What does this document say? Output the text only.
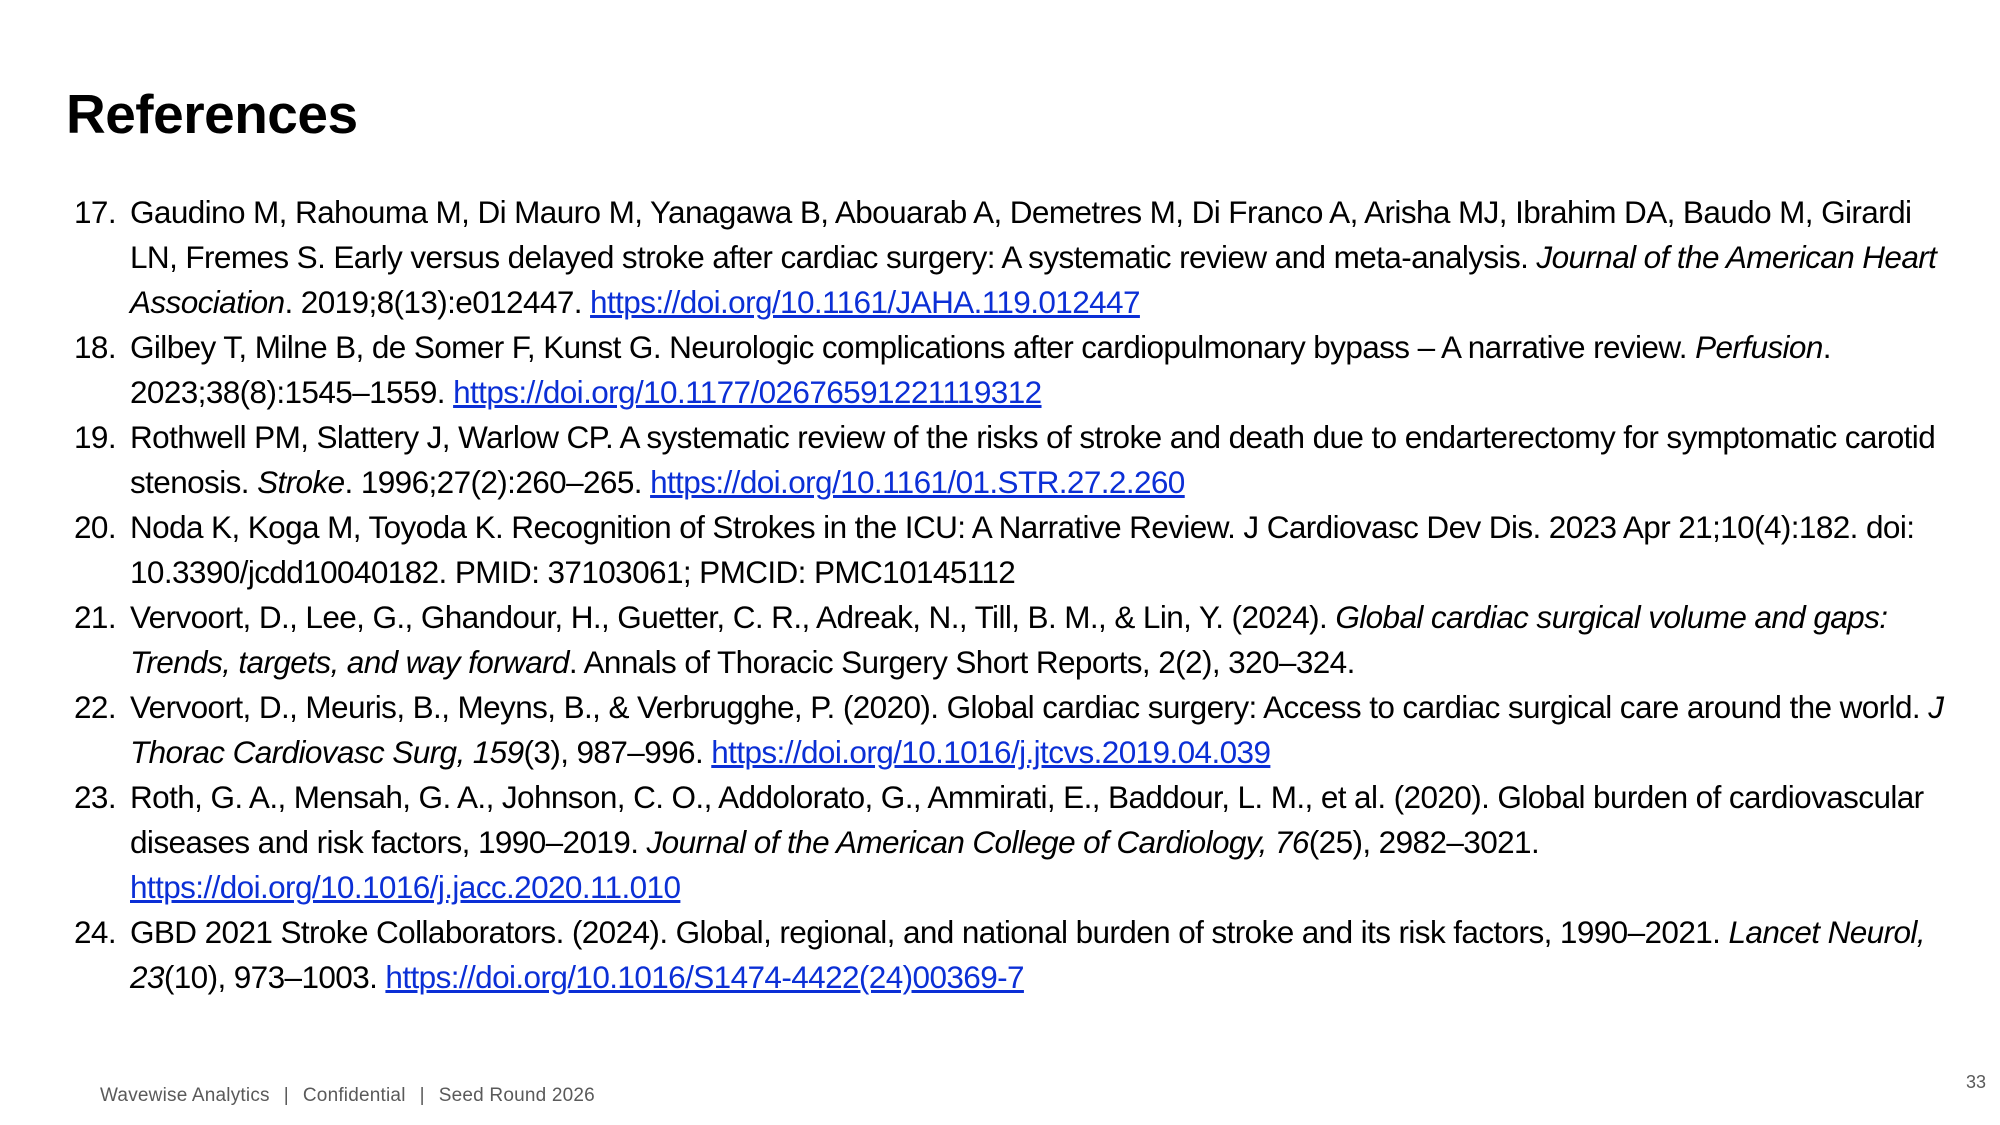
References
17. Gaudino M, Rahouma M, Di Mauro M, Yanagawa B, Abouarab A, Demetres M, Di Franco A, Arisha MJ, Ibrahim DA, Baudo M, Girardi LN, Fremes S. Early versus delayed stroke after cardiac surgery: A systematic review and meta-analysis. Journal of the American Heart Association. 2019;8(13):e012447. https://doi.org/10.1161/JAHA.119.012447
18. Gilbey T, Milne B, de Somer F, Kunst G. Neurologic complications after cardiopulmonary bypass – A narrative review. Perfusion. 2023;38(8):1545–1559. https://doi.org/10.1177/02676591221119312
19. Rothwell PM, Slattery J, Warlow CP. A systematic review of the risks of stroke and death due to endarterectomy for symptomatic carotid stenosis. Stroke. 1996;27(2):260–265. https://doi.org/10.1161/01.STR.27.2.260
20. Noda K, Koga M, Toyoda K. Recognition of Strokes in the ICU: A Narrative Review. J Cardiovasc Dev Dis. 2023 Apr 21;10(4):182. doi: 10.3390/jcdd10040182. PMID: 37103061; PMCID: PMC10145112
21. Vervoort, D., Lee, G., Ghandour, H., Guetter, C. R., Adreak, N., Till, B. M., & Lin, Y. (2024). Global cardiac surgical volume and gaps: Trends, targets, and way forward. Annals of Thoracic Surgery Short Reports, 2(2), 320–324.
22. Vervoort, D., Meuris, B., Meyns, B., & Verbrugghe, P. (2020). Global cardiac surgery: Access to cardiac surgical care around the world. J Thorac Cardiovasc Surg, 159(3), 987–996. https://doi.org/10.1016/j.jtcvs.2019.04.039
23. Roth, G. A., Mensah, G. A., Johnson, C. O., Addolorato, G., Ammirati, E., Baddour, L. M., et al. (2020). Global burden of cardiovascular diseases and risk factors, 1990–2019. Journal of the American College of Cardiology, 76(25), 2982–3021. https://doi.org/10.1016/j.jacc.2020.11.010
24. GBD 2021 Stroke Collaborators. (2024). Global, regional, and national burden of stroke and its risk factors, 1990–2021. Lancet Neurol, 23(10), 973–1003. https://doi.org/10.1016/S1474-4422(24)00369-7
Wavewise Analytics | Confidential | Seed Round 2026
33
